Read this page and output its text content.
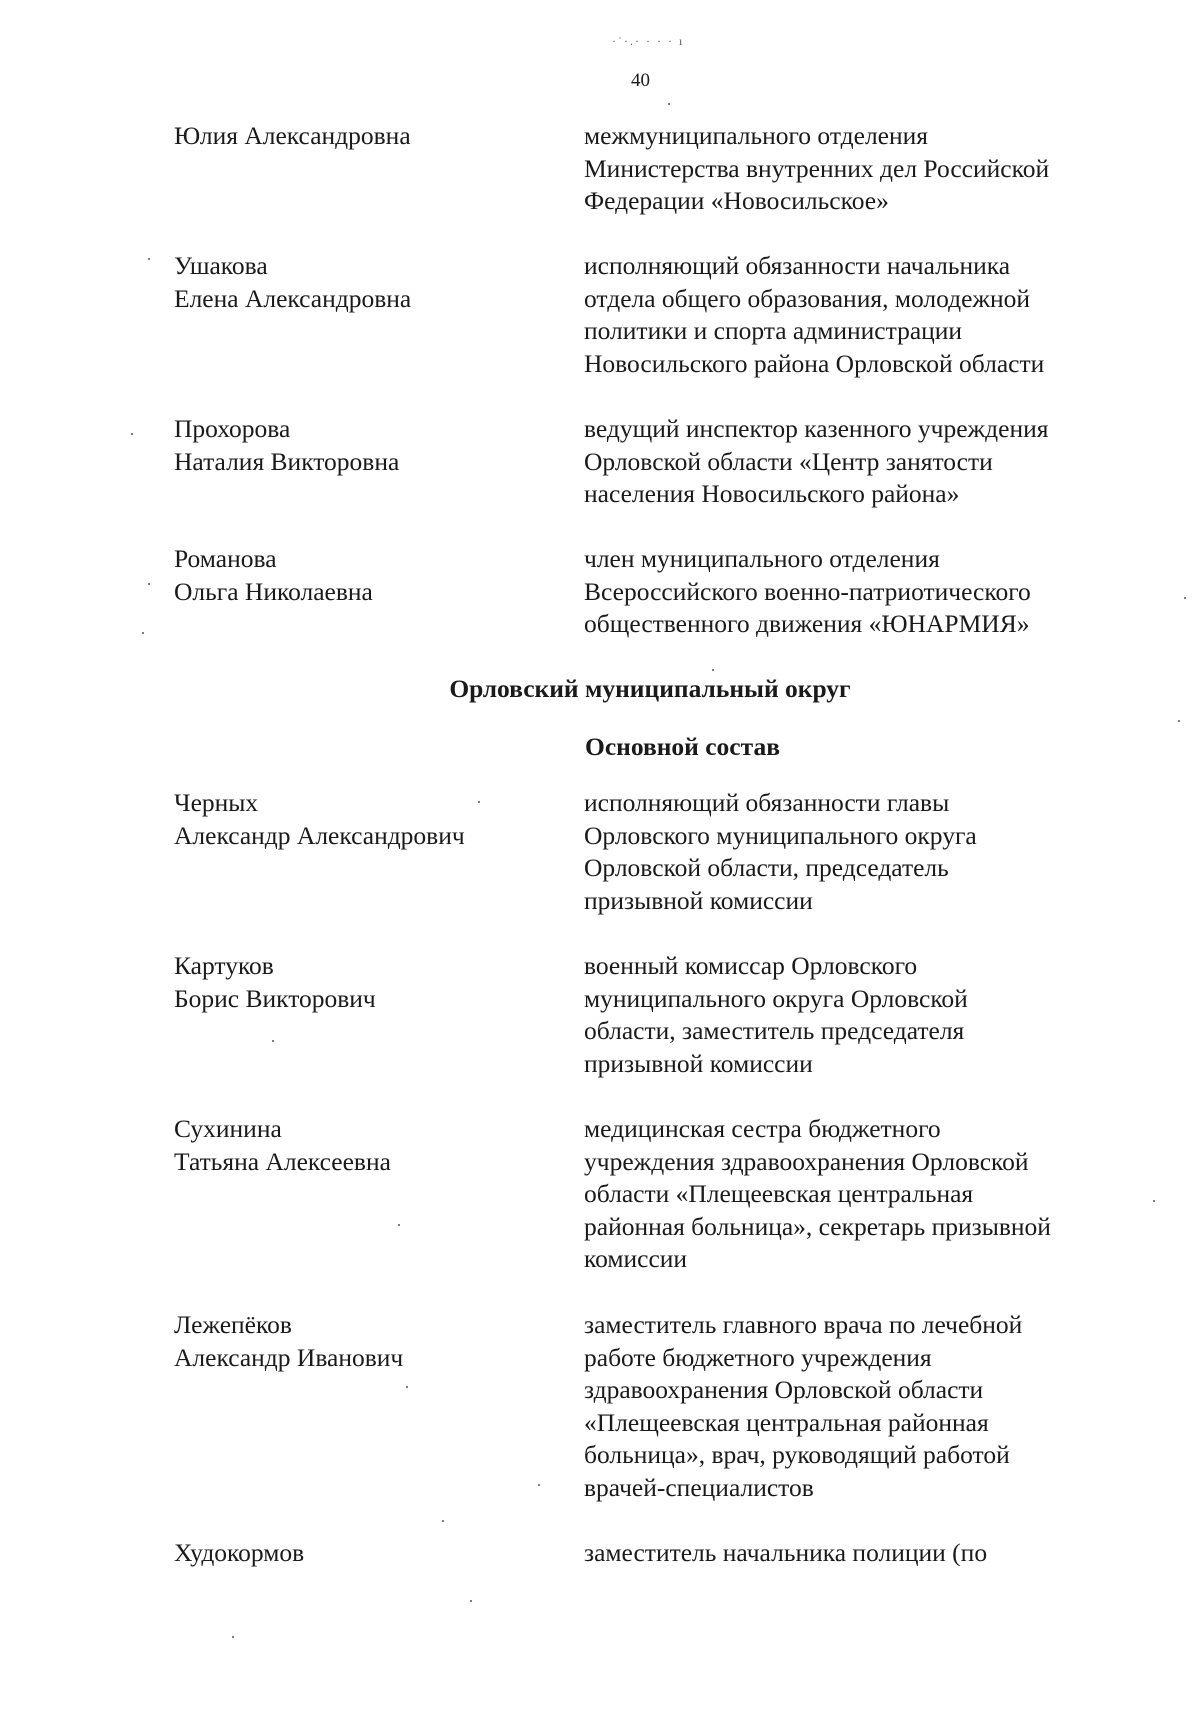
·˙·.· · · · ı
40
Юлия Александровна	межмуниципального отделения
Министерства внутренних дел Российской
Федерации «Новосильское»
Ушакова
Елена Александровна
исполняющий обязанности начальника
отдела общего образования, молодежной
политики и спорта администрации
Новосильского района Орловской области
Прохорова
Наталия Викторовна
ведущий инспектор казенного учреждения
Орловской области «Центр занятости
населения Новосильского района»
Романова
Ольга Николаевна
член муниципального отделения
Всероссийского военно-патриотического
общественного движения «ЮНАРМИЯ»
Орловский муниципальный округ
Основной состав
Черных
Александр Александрович
исполняющий обязанности главы
Орловского муниципального округа
Орловской области, председатель
призывной комиссии
Картуков
Борис Викторович
военный комиссар Орловского
муниципального округа Орловской
области, заместитель председателя
призывной комиссии
Сухинина
Татьяна Алексеевна
медицинская сестра бюджетного
учреждения здравоохранения Орловской
области «Плещеевская центральная
районная больница», секретарь призывной
комиссии
Лежепёков
Александр Иванович
заместитель главного врача по лечебной
работе бюджетного учреждения
здравоохранения Орловской области
«Плещеевская центральная районная
больница», врач, руководящий работой
врачей-специалистов
Худокормов	заместитель начальника полиции (по
